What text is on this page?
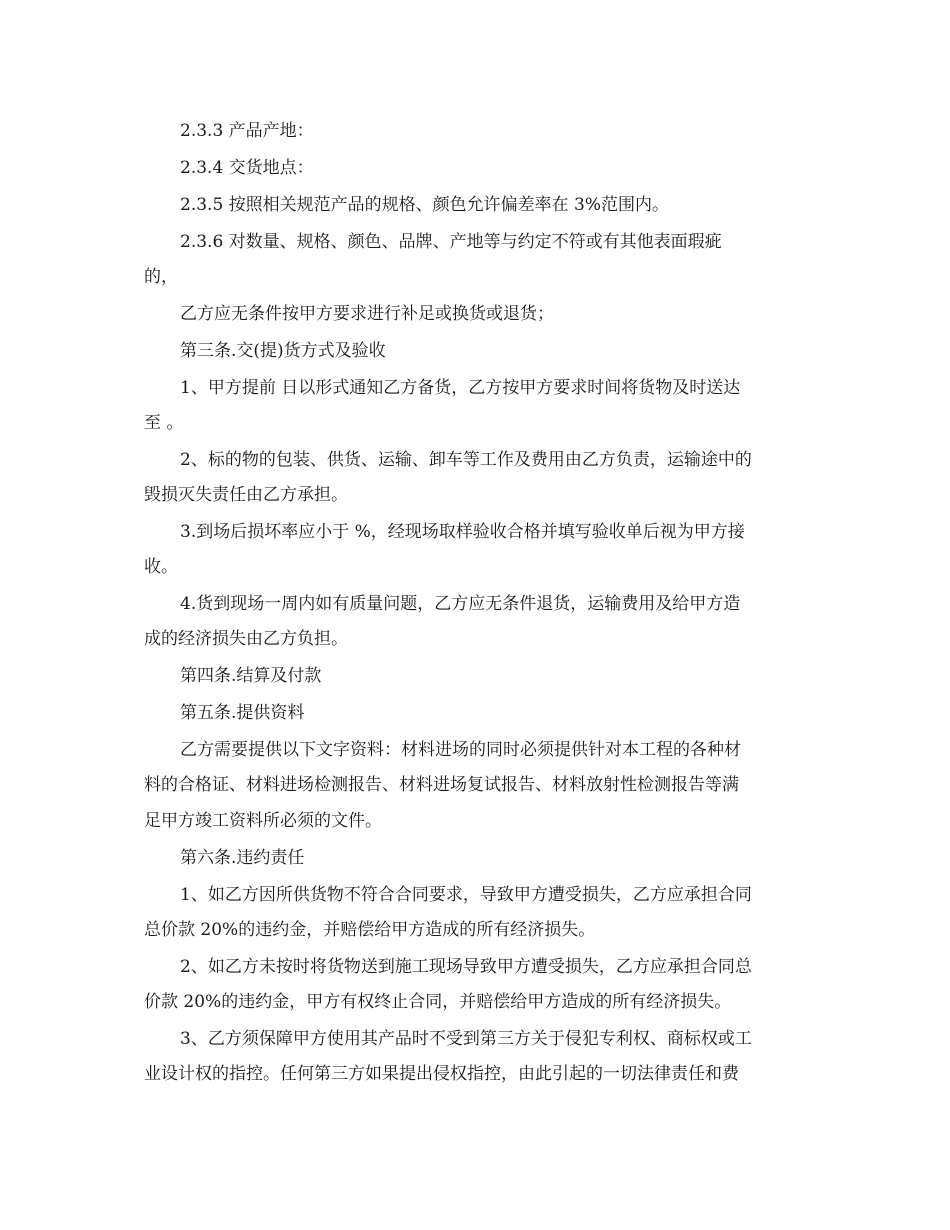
2.3.3 产品产地：
2.3.4 交货地点：
2.3.5 按照相关规范产品的规格、颜色允许偏差率在 3%范围内。
2.3.6 对数量、规格、颜色、品牌、产地等与约定不符或有其他表面瑕疵
的，
乙方应无条件按甲方要求进行补足或换货或退货；
第三条.交(提)货方式及验收
1、甲方提前 日以形式通知乙方备货，乙方按甲方要求时间将货物及时送达
至 。
2、标的物的包装、供货、运输、卸车等工作及费用由乙方负责，运输途中的
毁损灭失责任由乙方承担。
3.到场后损坏率应小于 %，经现场取样验收合格并填写验收单后视为甲方接
收。
4.货到现场一周内如有质量问题，乙方应无条件退货，运输费用及给甲方造
成的经济损失由乙方负担。
第四条.结算及付款
第五条.提供资料
乙方需要提供以下文字资料：材料进场的同时必须提供针对本工程的各种材
料的合格证、材料进场检测报告、材料进场复试报告、材料放射性检测报告等满
足甲方竣工资料所必须的文件。
第六条.违约责任
1、如乙方因所供货物不符合合同要求，导致甲方遭受损失，乙方应承担合同
总价款 20%的违约金，并赔偿给甲方造成的所有经济损失。
2、如乙方未按时将货物送到施工现场导致甲方遭受损失，乙方应承担合同总
价款 20%的违约金，甲方有权终止合同，并赔偿给甲方造成的所有经济损失。
3、乙方须保障甲方使用其产品时不受到第三方关于侵犯专利权、商标权或工
业设计权的指控。任何第三方如果提出侵权指控，由此引起的一切法律责任和费
